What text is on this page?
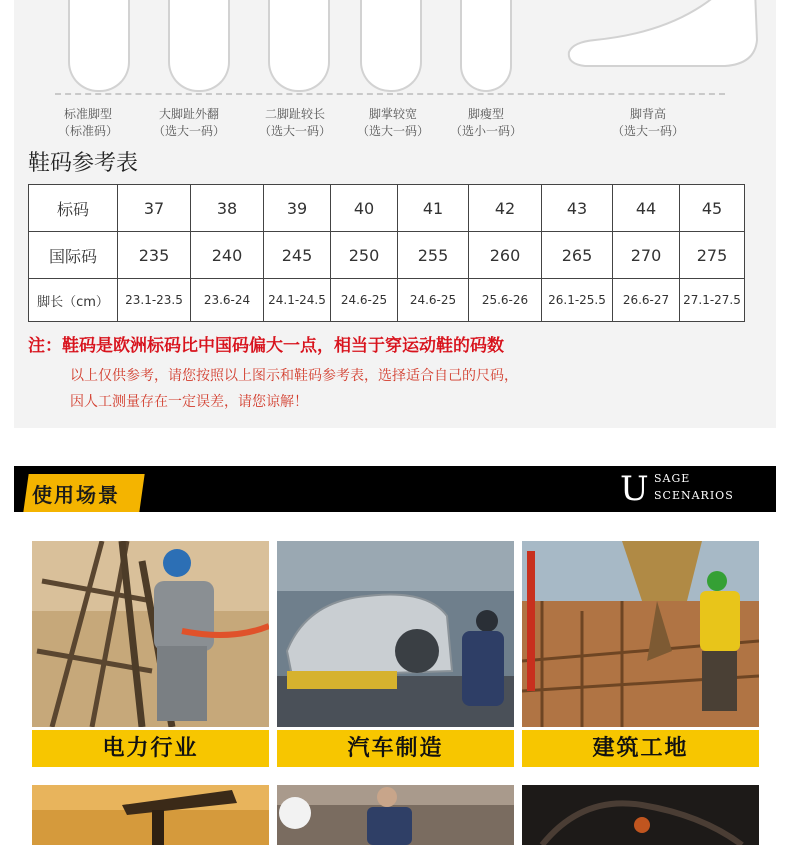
标准脚型
（标准码）
大脚趾外翻
（选大一码）
二脚趾较长
（选大一码）
脚掌较宽
（选大一码）
脚瘦型
（选小一码）
脚背高
（选大一码）
鞋码参考表
标码	37	38	39	40	41	42	43	44	45
国际码	235	240	245	250	255	260	265	270	275
脚长（cm）	23.1-23.5	23.6-24	24.1-24.5	24.6-25	24.6-25	25.6-26	26.1-25.5	26.6-27	27.1-27.5
注：鞋码是欧洲标码比中国码偏大一点，相当于穿运动鞋的码数
以上仅供参考，请您按照以上图示和鞋码参考表，选择适合自己的尺码，
因人工测量存在一定误差，请您谅解！
使用场景	U SAGE
SCENARIOS
电力行业	汽车制造	建筑工地
